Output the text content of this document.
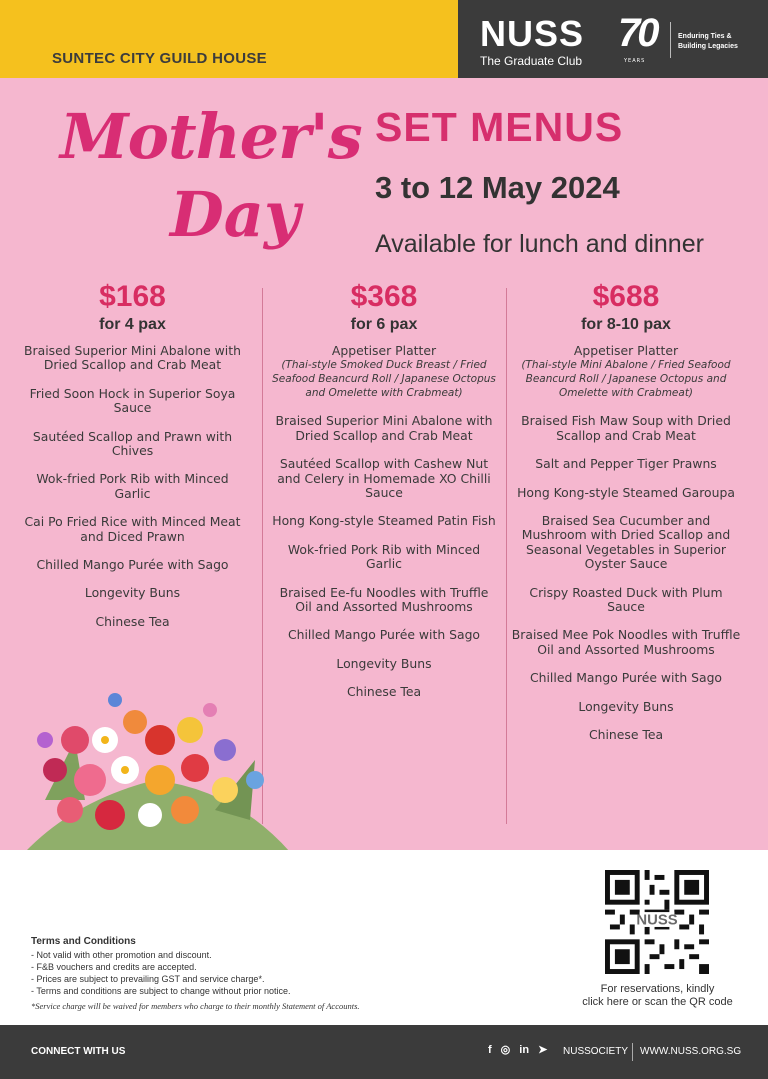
SUNTEC CITY GUILD HOUSE
NUSS
The Graduate Club
70
YEARS
Enduring Ties & Building Legacies
Mother's
Day
SET MENUS
3 to 12 May 2024
Available for lunch and dinner
$168
for 4 pax
Braised Superior Mini Abalone with Dried Scallop and Crab Meat
Fried Soon Hock in Superior Soya Sauce
Sautéed Scallop and Prawn with Chives
Wok-fried Pork Rib with Minced Garlic
Cai Po Fried Rice with Minced Meat and Diced Prawn
Chilled Mango Purée with Sago
Longevity Buns
Chinese Tea
$368
for 6 pax
Appetiser Platter
(Thai-style Smoked Duck Breast / Fried Seafood Beancurd Roll / Japanese Octopus and Omelette with Crabmeat)
Braised Superior Mini Abalone with Dried Scallop and Crab Meat
Sautéed Scallop with Cashew Nut and Celery in Homemade XO Chilli Sauce
Hong Kong-style Steamed Patin Fish
Wok-fried Pork Rib with Minced Garlic
Braised Ee-fu Noodles with Truffle Oil and Assorted Mushrooms
Chilled Mango Purée with Sago
Longevity Buns
Chinese Tea
$688
for 8-10 pax
Appetiser Platter
(Thai-style Mini Abalone / Fried Seafood Beancurd Roll / Japanese Octopus and Omelette with Crabmeat)
Braised Fish Maw Soup with Dried Scallop and Crab Meat
Salt and Pepper Tiger Prawns
Hong Kong-style Steamed Garoupa
Braised Sea Cucumber and Mushroom with Dried Scallop and Seasonal Vegetables in Superior Oyster Sauce
Crispy Roasted Duck with Plum Sauce
Braised Mee Pok Noodles with Truffle Oil and Assorted Mushrooms
Chilled Mango Purée with Sago
Longevity Buns
Chinese Tea
Terms and Conditions
- Not valid with other promotion and discount.
- F&B vouchers and credits are accepted.
- Prices are subject to prevailing GST and service charge*.
- Terms and conditions are subject to change without prior notice.
*Service charge will be waived for members who charge to their monthly Statement of Accounts.
NUSS
For reservations, kindly
click here or scan the QR code
CONNECT WITH US	f ◎ in ➤ NUSSOCIETY WWW.NUSS.ORG.SG
